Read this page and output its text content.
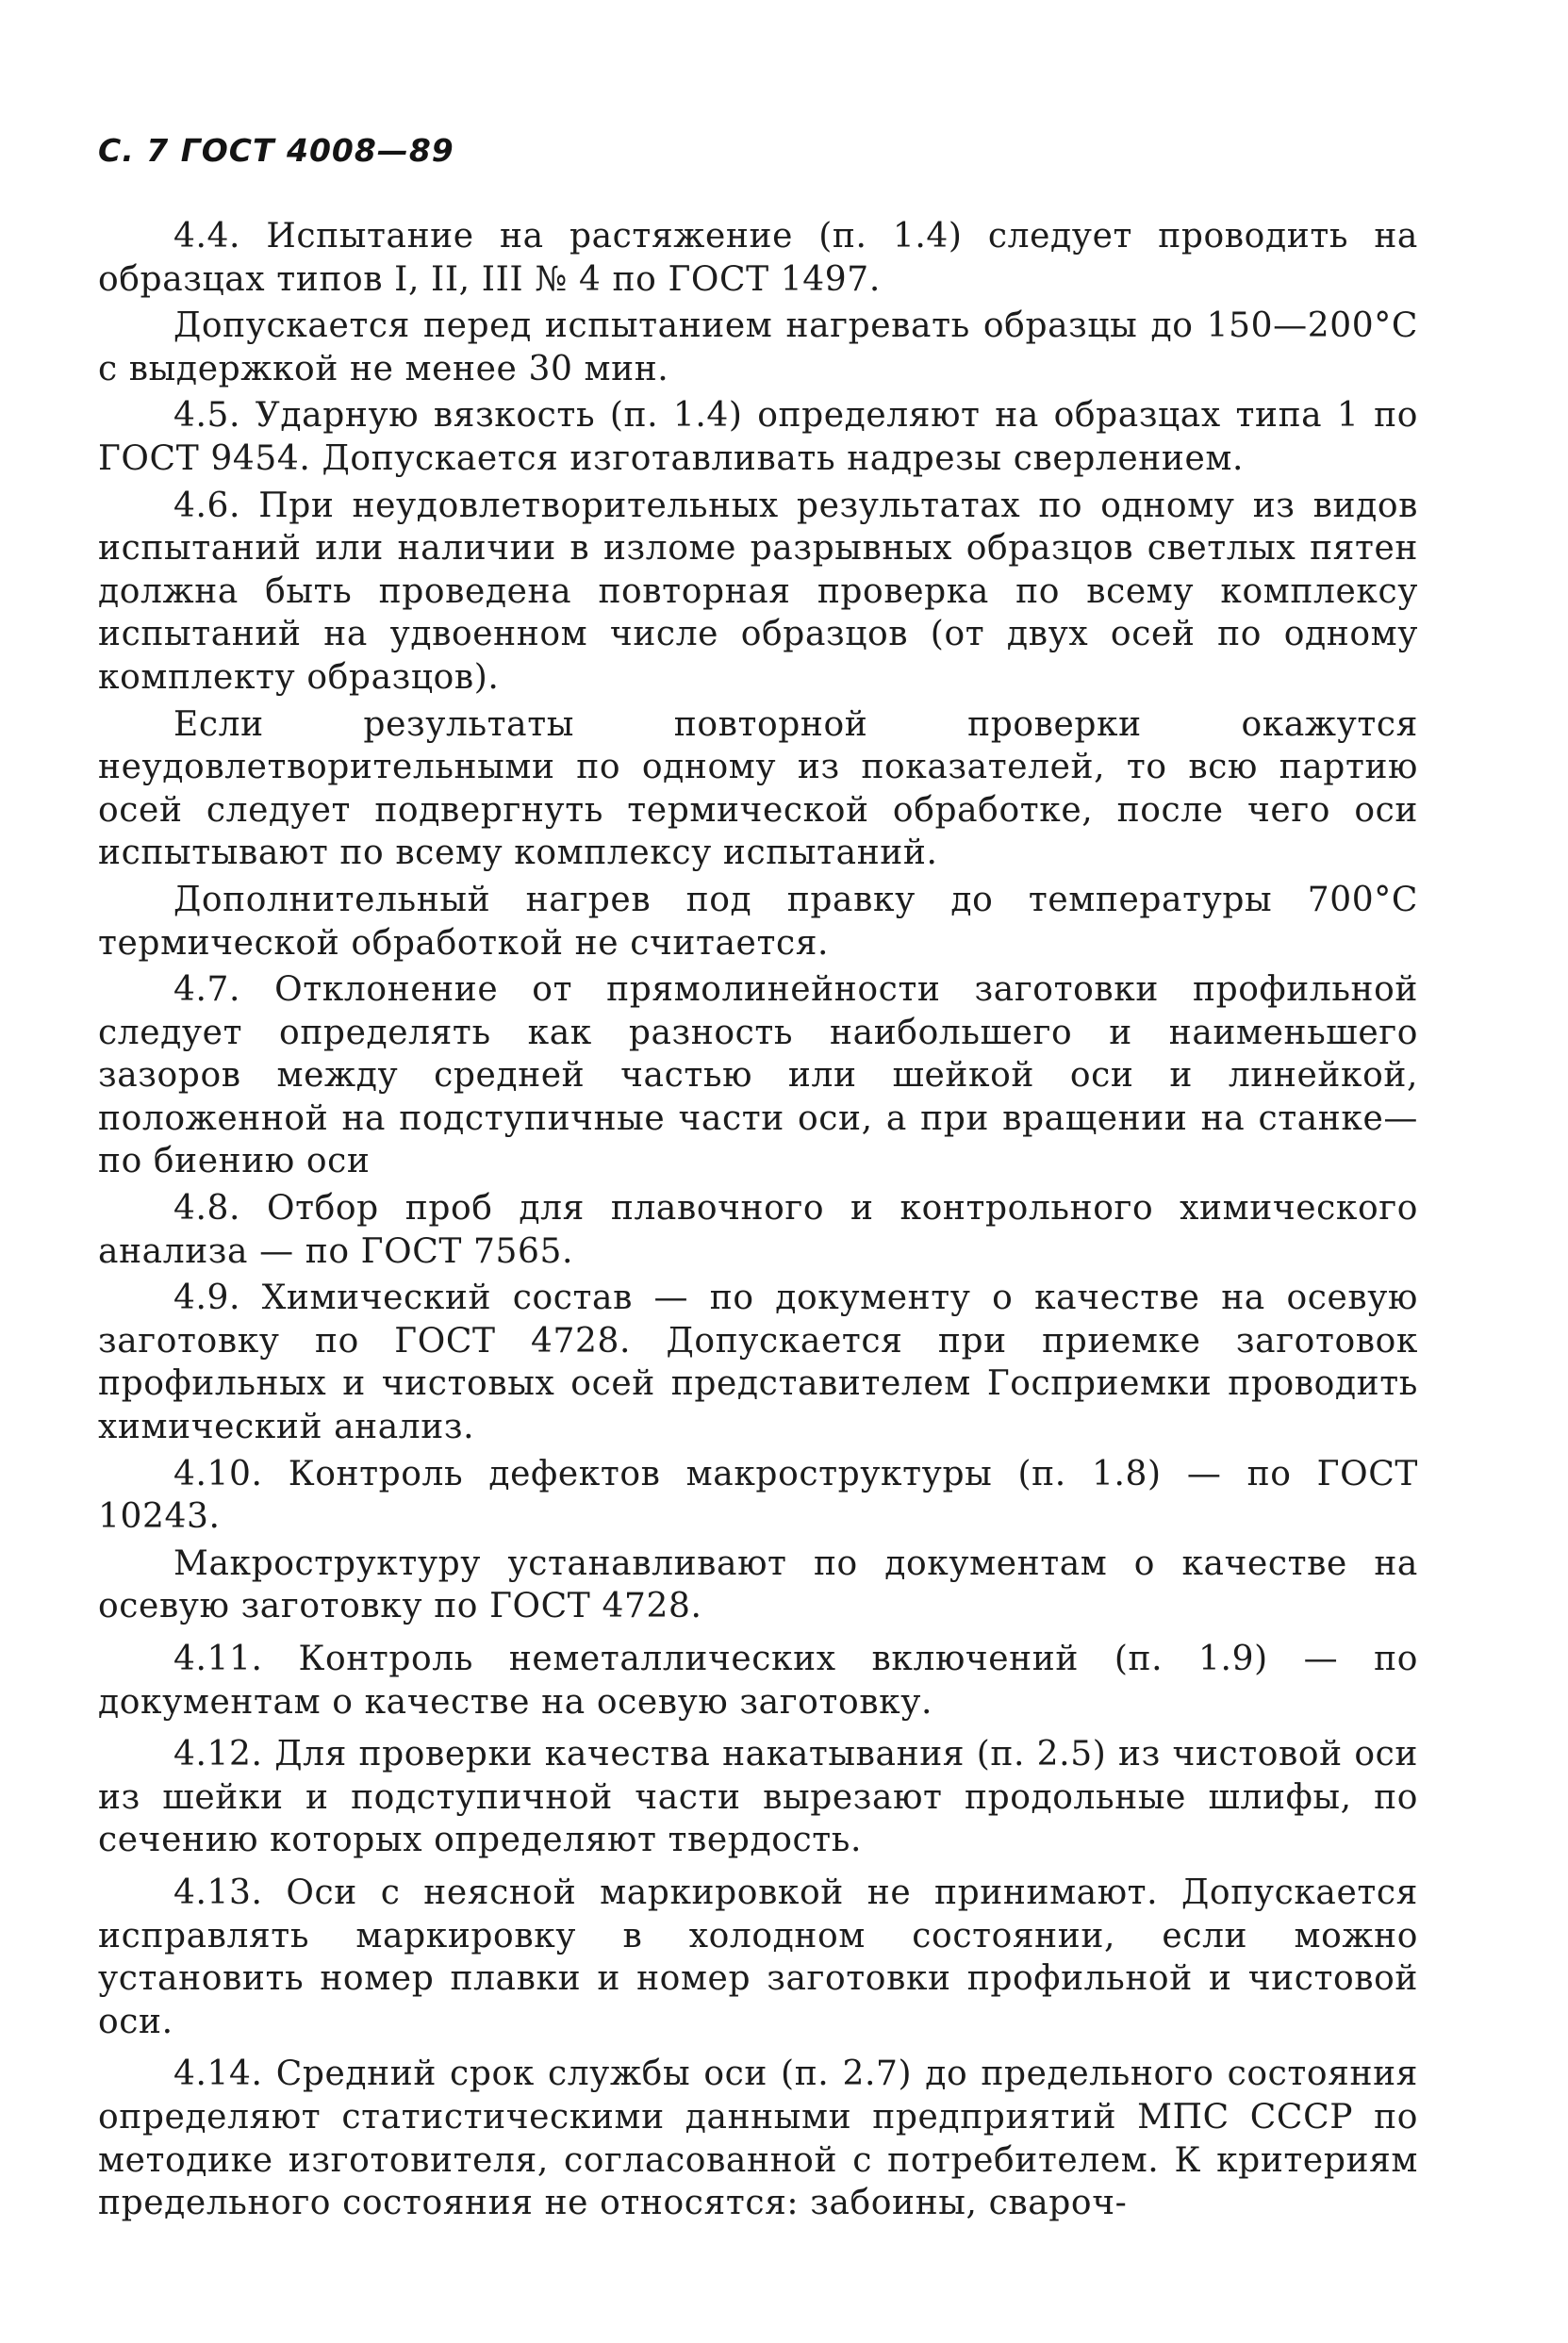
С. 7 ГОСТ 4008—89

4.4. Испытание на растяжение (п. 1.4) следует проводить на образцах типов I, II, III № 4 по ГОСТ 1497.

Допускается перед испытанием нагревать образцы до 150—200°С с выдержкой не менее 30 мин.

4.5. Ударную вязкость (п. 1.4) определяют на образцах типа 1 по ГОСТ 9454. Допускается изготавливать надрезы сверлением.

4.6. При неудовлетворительных результатах по одному из видов испытаний или наличии в изломе разрывных образцов светлых пятен должна быть проведена повторная проверка по всему комплексу испытаний на удвоенном числе образцов (от двух осей по одному комплекту образцов).

Если результаты повторной проверки окажутся неудовлетворительными по одному из показателей, то всю партию осей следует подвергнуть термической обработке, после чего оси испытывают по всему комплексу испытаний.

Дополнительный нагрев под правку до температуры 700°С термической обработкой не считается.

4.7. Отклонение от прямолинейности заготовки профильной следует определять как разность наибольшего и наименьшего зазоров между средней частью или шейкой оси и линейкой, положенной на подступичные части оси, а при вращении на станке— по биению оси

4.8. Отбор проб для плавочного и контрольного химического анализа — по ГОСТ 7565.

4.9. Химический состав — по документу о качестве на осевую заготовку по ГОСТ 4728. Допускается при приемке заготовок профильных и чистовых осей представителем Госприемки проводить химический анализ.

4.10. Контроль дефектов макроструктуры (п. 1.8) — по ГОСТ 10243.

Макроструктуру устанавливают по документам о качестве на осевую заготовку по ГОСТ 4728.

4.11. Контроль неметаллических включений (п. 1.9) — по документам о качестве на осевую заготовку.

4.12. Для проверки качества накатывания (п. 2.5) из чистовой оси из шейки и подступичной части вырезают продольные шлифы, по сечению которых определяют твердость.

4.13. Оси с неясной маркировкой не принимают. Допускается исправлять маркировку в холодном состоянии, если можно установить номер плавки и номер заготовки профильной и чистовой оси.

4.14. Средний срок службы оси (п. 2.7) до предельного состояния определяют статистическими данными предприятий МПС СССР по методике изготовителя, согласованной с потребителем. К критериям предельного состояния не относятся: забоины, свароч-
